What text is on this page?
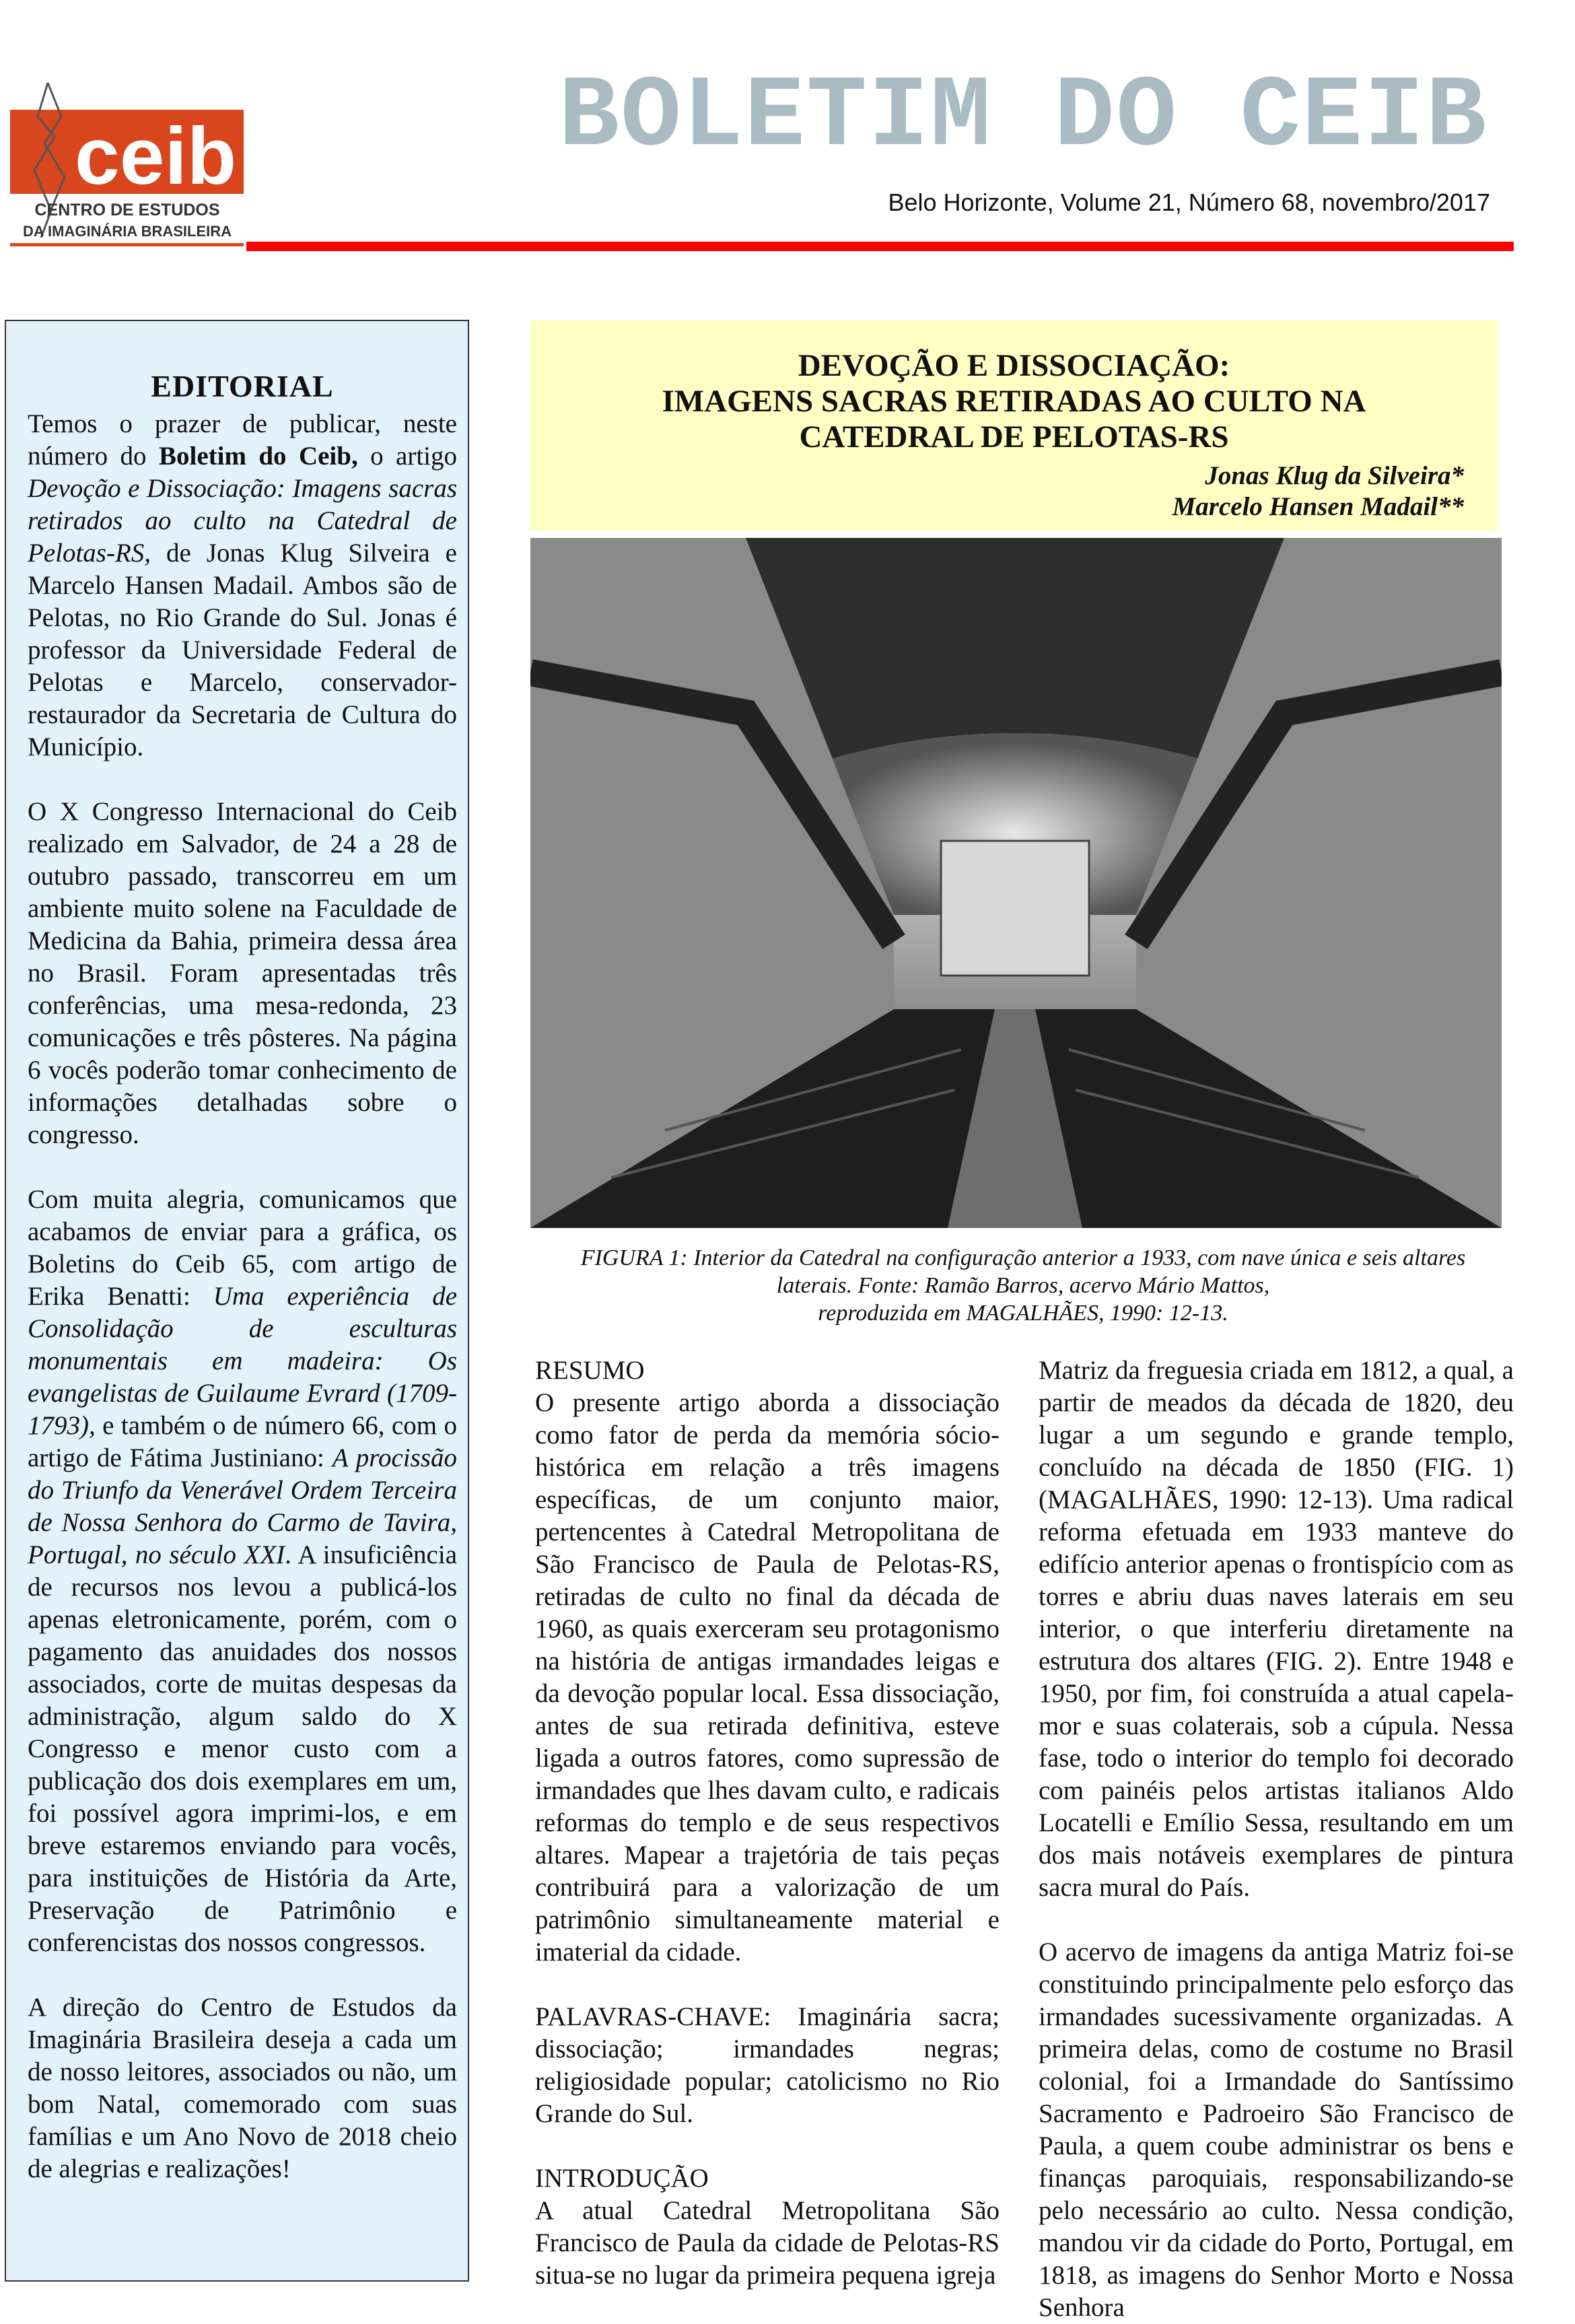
ceib
CENTRO DE ESTUDOS
DA IMAGINÁRIA BRASILEIRA
BOLETIM DO CEIB
Belo Horizonte, Volume 21, Número 68, novembro/2017
EDITORIAL

Temos o prazer de publicar, neste número do Boletim do Ceib, o artigo Devoção e Dissociação: Imagens sacras retirados ao culto na Catedral de Pelotas-RS, de Jonas Klug Silveira e Marcelo Hansen Madail. Ambos são de Pelotas, no Rio Grande do Sul. Jonas é professor da Universidade Federal de Pelotas e Marcelo, conservador-restaurador da Secretaria de Cultura do Município.

O X Congresso Internacional do Ceib realizado em Salvador, de 24 a 28 de outubro passado, transcorreu em um ambiente muito solene na Faculdade de Medicina da Bahia, primeira dessa área no Brasil. Foram apresentadas três conferências, uma mesa-redonda, 23 comunicações e três pôsteres. Na página 6 vocês poderão tomar conhecimento de informações detalhadas sobre o congresso.

Com muita alegria, comunicamos que acabamos de enviar para a gráfica, os Boletins do Ceib 65, com artigo de Erika Benatti: Uma experiência de Consolidação de esculturas monumentais em madeira: Os evangelistas de Guilaume Evrard (1709-1793), e também o de número 66, com o artigo de Fátima Justiniano: A procissão do Triunfo da Venerável Ordem Terceira de Nossa Senhora do Carmo de Tavira, Portugal, no século XXI. A insuficiência de recursos nos levou a publicá-los apenas eletronicamente, porém, com o pagamento das anuidades dos nossos associados, corte de muitas despesas da administração, algum saldo do X Congresso e menor custo com a publicação dos dois exemplares em um, foi possível agora imprimi-los, e em breve estaremos enviando para vocês, para instituições de História da Arte, Preservação de Patrimônio e conferencistas dos nossos congressos.

A direção do Centro de Estudos da Imaginária Brasileira deseja a cada um de nosso leitores, associados ou não, um bom Natal, comemorado com suas famílias e um Ano Novo de 2018 cheio de alegrias e realizações!

DEVOÇÃO E DISSOCIAÇÃO:
IMAGENS SACRAS RETIRADAS AO CULTO NA CATEDRAL DE PELOTAS-RS
Jonas Klug da Silveira*
Marcelo Hansen Madail**
FIGURA 1: Interior da Catedral na configuração anterior a 1933, com nave única e seis altares
laterais. Fonte: Ramão Barros, acervo Mário Mattos,
reproduzida em MAGALHÃES, 1990: 12-13.
RESUMO

O presente artigo aborda a dissociação como fator de perda da memória sócio-histórica em relação a três imagens específicas, de um conjunto maior, pertencentes à Catedral Metropolitana de São Francisco de Paula de Pelotas-RS, retiradas de culto no final da década de 1960, as quais exerceram seu protagonismo na história de antigas irmandades leigas e da devoção popular local. Essa dissociação, antes de sua retirada definitiva, esteve ligada a outros fatores, como supressão de irmandades que lhes davam culto, e radicais reformas do templo e de seus respectivos altares. Mapear a trajetória de tais peças contribuirá para a valorização de um patrimônio simultaneamente material e imaterial da cidade.

PALAVRAS-CHAVE: Imaginária sacra; dissociação; irmandades negras; religiosidade popular; catolicismo no Rio Grande do Sul.

INTRODUÇÃO

A atual Catedral Metropolitana São Francisco de Paula da cidade de Pelotas-RS situa-se no lugar da primeira pequena igreja

Matriz da freguesia criada em 1812, a qual, a partir de meados da década de 1820, deu lugar a um segundo e grande templo, concluído na década de 1850 (FIG. 1) (MAGALHÃES, 1990: 12-13). Uma radical reforma efetuada em 1933 manteve do edifício anterior apenas o frontispício com as torres e abriu duas naves laterais em seu interior, o que interferiu diretamente na estrutura dos altares (FIG. 2). Entre 1948 e 1950, por fim, foi construída a atual capela-mor e suas colaterais, sob a cúpula. Nessa fase, todo o interior do templo foi decorado com painéis pelos artistas italianos Aldo Locatelli e Emílio Sessa, resultando em um dos mais notáveis exemplares de pintura sacra mural do País.

O acervo de imagens da antiga Matriz foi-se constituindo principalmente pelo esforço das irmandades sucessivamente organizadas. A primeira delas, como de costume no Brasil colonial, foi a Irmandade do Santíssimo Sacramento e Padroeiro São Francisco de Paula, a quem coube administrar os bens e finanças paroquiais, responsabilizando-se pelo necessário ao culto. Nessa condição, mandou vir da cidade do Porto, Portugal, em 1818, as imagens do Senhor Morto e Nossa Senhora
